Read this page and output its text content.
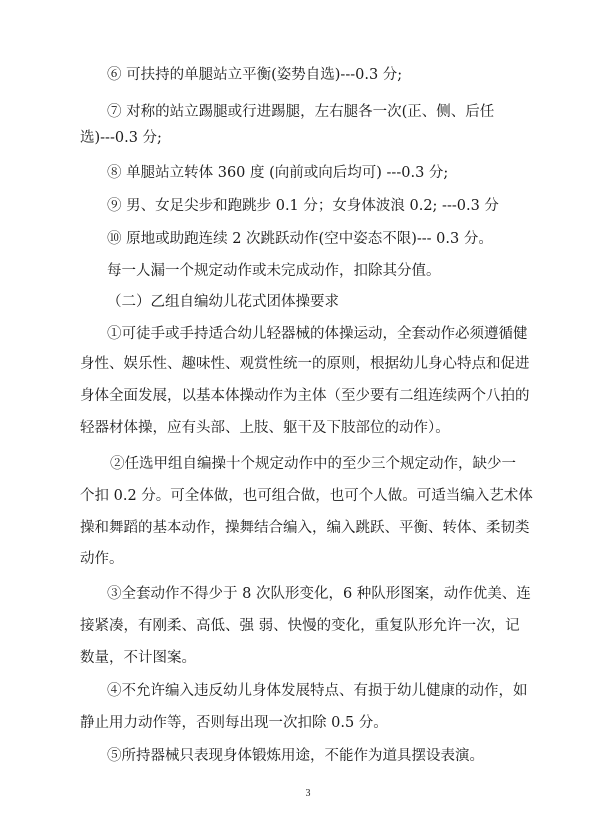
⑥ 可扶持的单腿站立平衡(姿势自选)---0.3 分;
⑦ 对称的站立踢腿或行进踢腿，左右腿各一次(正、侧、后任
选)---0.3 分;
⑧ 单腿站立转体 360 度 (向前或向后均可) ---0.3 分;
⑨ 男、女足尖步和跑跳步 0.1 分；女身体波浪 0.2; ---0.3 分
⑩ 原地或助跑连续 2 次跳跃动作(空中姿态不限)--- 0.3 分。
每一人漏一个规定动作或未完成动作，扣除其分值。
（二）乙组自编幼儿花式团体操要求
①可徒手或手持适合幼儿轻器械的体操运动，全套动作必须遵循健
身性、娱乐性、趣味性、观赏性统一的原则，根据幼儿身心特点和促进
身体全面发展，以基本体操动作为主体（至少要有二组连续两个八拍的
轻器材体操，应有头部、上肢、躯干及下肢部位的动作）。
②任选甲组自编操十个规定动作中的至少三个规定动作，缺少一
个扣 0.2 分。可全体做，也可组合做，也可个人做。可适当编入艺术体
操和舞蹈的基本动作，操舞结合编入，编入跳跃、平衡、转体、柔韧类
动作。
③全套动作不得少于 8 次队形变化，6 种队形图案，动作优美、连
接紧凑，有刚柔、高低、强 弱、快慢的变化，重复队形允许一次，记
数量，不计图案。
④不允许编入违反幼儿身体发展特点、有损于幼儿健康的动作，如
静止用力动作等，否则每出现一次扣除 0.5 分。
⑤所持器械只表现身体锻炼用途，不能作为道具摆设表演。
3
